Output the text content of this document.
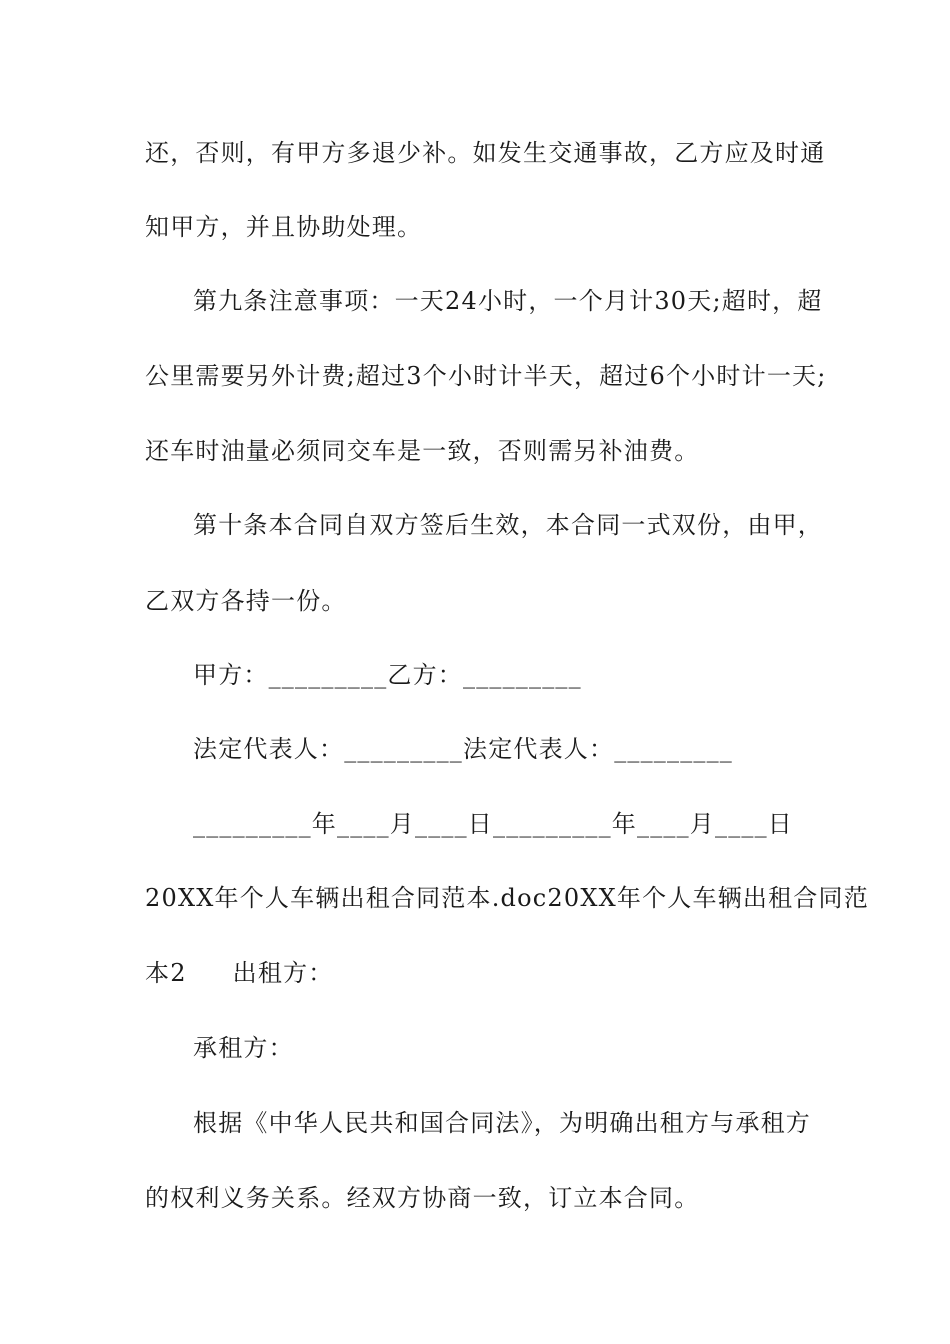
还，否则，有甲方多退少补。如发生交通事故，乙方应及时通
知甲方，并且协助处理。
第九条注意事项：一天24小时，一个月计30天;超时，超
公里需要另外计费;超过3个小时计半天，超过6个小时计一天;
还车时油量必须同交车是一致，否则需另补油费。
第十条本合同自双方签后生效，本合同一式双份，由甲，
乙双方各持一份。
甲方：_________乙方：_________
法定代表人：_________法定代表人：_________
_________年____月____日_________年____月____日
20XX年个人车辆出租合同范本.doc20XX年个人车辆出租合同范
本2 出租方：
承租方：
根据《中华人民共和国合同法》，为明确出租方与承租方
的权利义务关系。经双方协商一致，订立本合同。
